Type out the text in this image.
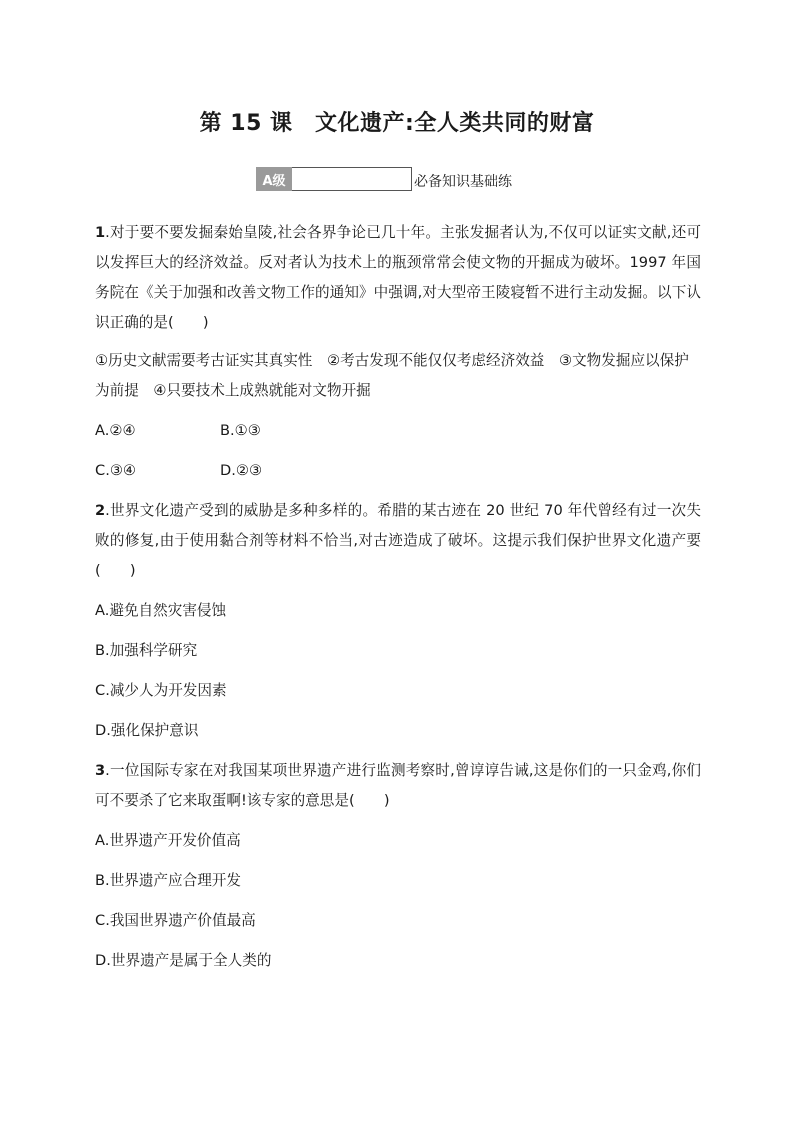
第 15 课　文化遗产:全人类共同的财富
A级	必备知识基础练

1.对于要不要发掘秦始皇陵,社会各界争论已几十年。主张发掘者认为,不仅可以证实文献,还可以发挥巨大的经济效益。反对者认为技术上的瓶颈常常会使文物的开掘成为破坏。1997 年国务院在《关于加强和改善文物工作的通知》中强调,对大型帝王陵寝暂不进行主动发掘。以下认识正确的是(　　)

①历史文献需要考古证实其真实性　②考古发现不能仅仅考虑经济效益　③文物发掘应以保护为前提　④只要技术上成熟就能对文物开掘

A.②④	B.①③
C.③④	D.②③

2.世界文化遗产受到的威胁是多种多样的。希腊的某古迹在 20 世纪 70 年代曾经有过一次失败的修复,由于使用黏合剂等材料不恰当,对古迹造成了破坏。这提示我们保护世界文化遗产要(　　)

A.避免自然灾害侵蚀

B.加强科学研究

C.减少人为开发因素

D.强化保护意识

3.一位国际专家在对我国某项世界遗产进行监测考察时,曾谆谆告诫,这是你们的一只金鸡,你们可不要杀了它来取蛋啊!该专家的意思是(　　)

A.世界遗产开发价值高

B.世界遗产应合理开发

C.我国世界遗产价值最高

D.世界遗产是属于全人类的
